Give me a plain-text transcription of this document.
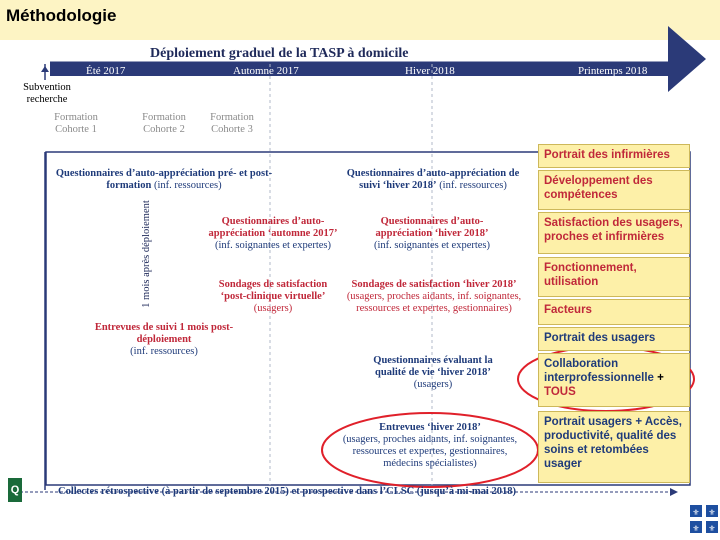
Méthodologie
Déploiement graduel de la TASP à domicile
Été 2017	Automne 2017	Hiver 2018	Printemps 2018
Subvention recherche
Formation Cohorte 1
Formation Cohorte 2
Formation Cohorte 3
1 mois après déploiement
Questionnaires d’auto-appréciation pré- et post- formation (inf. ressources)
Questionnaires d’auto-appréciation de suivi ‘hiver 2018’ (inf. ressources)
Questionnaires d’auto-appréciation ‘automne 2017’
(inf. soignantes et expertes)
Questionnaires d’auto-appréciation ‘hiver 2018’
(inf. soignantes et expertes)
Sondages de satisfaction ‘post-clinique virtuelle’
(usagers)
Sondages de satisfaction ‘hiver 2018’
(usagers, proches aidants, inf. soignantes, ressources et expertes, gestionnaires)
Entrevues de suivi 1 mois post-déploiement
(inf. ressources)
Questionnaires évaluant la qualité de vie ‘hiver 2018’
(usagers)
Entrevues ‘hiver 2018’
(usagers, proches aidants, inf. soignantes, ressources et expertes, gestionnaires, médecins spécialistes)
Collectes rétrospective (à partir de septembre 2015) et prospective dans l’CLSC (jusqu’à mi-mai 2018)
Portrait des infirmières
Développement des compétences
Satisfaction des usagers, proches et infirmières
Fonctionnement, utilisation
Facteurs
Portrait des usagers
Collaboration interprofessionnelle + TOUS
Portrait usagers + Accès, productivité, qualité des soins et retombées usager
Q
⚜ ⚜
⚜ ⚜
